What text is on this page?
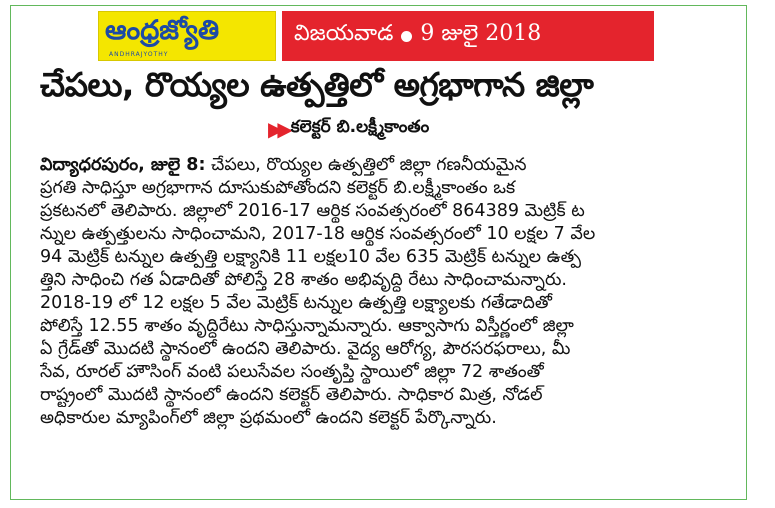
ఆంధ్రజ్యోతి
ANDHRAJYOTHY
విజయవాడ 9 జులై 2018
చేపలు, రొయ్యల ఉత్పత్తిలో అగ్రభాగాన జిల్లా
▶▶ కలెక్టర్ బి.లక్ష్మీకాంతం
విద్యాధరపురం, జులై 8: చేపలు, రొయ్యల ఉత్పత్తిలో జిల్లా గణనీయమైన
ప్రగతి సాధిస్తూ అగ్రభాగాన దూసుకుపోతోందని కలెక్టర్ బి.లక్ష్మీకాంతం ఒక
ప్రకటనలో తెలిపారు. జిల్లాలో 2016-17 ఆర్థిక సంవత్సరంలో 864389 మెట్రిక్ ట
న్నుల ఉత్పత్తులను సాధించామని, 2017-18 ఆర్థిక సంవత్సరంలో 10 లక్షల 7 వేల
94 మెట్రిక్ టన్నుల ఉత్పత్తి లక్ష్యానికి 11 లక్షల10 వేల 635 మెట్రిక్ టన్నుల ఉత్ప
త్తిని సాధించి గత ఏడాదితో పోలిస్తే 28 శాతం అభివృద్ధి రేటు సాధించామన్నారు.
2018-19 లో 12 లక్షల 5 వేల మెట్రిక్ టన్నుల ఉత్పత్తి లక్ష్యాలకు గతేడాదితో
పోలిస్తే 12.55 శాతం వృద్ధిరేటు సాధిస్తున్నామన్నారు. ఆక్వాసాగు విస్తీర్ణంలో జిల్లా
ఏ గ్రేడ్‌తో మొదటి స్థానంలో ఉందని తెలిపారు. వైద్య ఆరోగ్య, పౌరసరఫరాలు, మీ
సేవ, రూరల్ హౌసింగ్ వంటి పలుసేవల సంతృప్తి స్థాయిలో జిల్లా 72 శాతంతో
రాష్ట్రంలో మొదటి స్థానంలో ఉందని కలెక్టర్ తెలిపారు. సాధికార మిత్ర, నోడల్
అధికారుల మ్యాపింగ్‌లో జిల్లా ప్రథమంలో ఉందని కలెక్టర్ పేర్కొన్నారు.
